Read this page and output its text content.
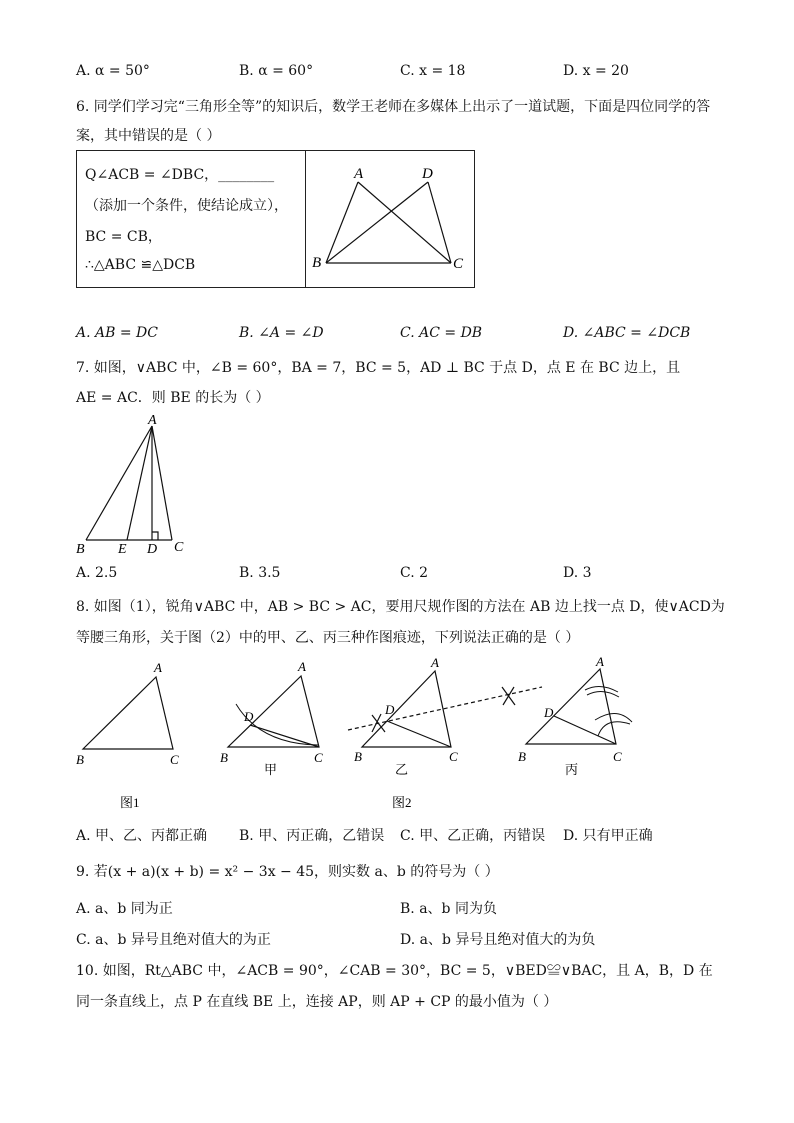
A. α = 50°	B. α = 60°	C. x = 18	D. x = 20
6. 同学们学习完“三角形全等”的知识后，数学王老师在多媒体上出示了一道试题，下面是四位同学的答
案，其中错误的是（ ）
Q∠ACB = ∠DBC，________
（添加一个条件，使结论成立），
BC = CB，
∴△ABC ≌△DCB
A	D
B	C
A. AB = DC	B. ∠A = ∠D	C. AC = DB	D. ∠ABC = ∠DCB
7. 如图，∨ABC 中，∠B = 60°，BA = 7，BC = 5，AD ⊥ BC 于点 D，点 E 在 BC 边上，且
AE = AC．则 BE 的长为（ ）
A
B E D C
A. 2.5	B. 3.5	C. 2	D. 3
8. 如图（1），锐角∨ABC 中，AB > BC > AC，要用尺规作图的方法在 AB 边上找一点 D，使∨ACD为
等腰三角形，关于图（2）中的甲、乙、丙三种作图痕迹，下列说法正确的是（ ）
A
B	C
A
D
B	C
甲
A
D
B	C
乙
A
D
B	C
丙
图1	图2
A. 甲、乙、丙都正确 B. 甲、丙正确，乙错误 C. 甲、乙正确，丙错误 D. 只有甲正确
9. 若(x + a)(x + b) = x² − 3x − 45，则实数 a、b 的符号为（ ）
A. a、b 同为正	B. a、b 同为负
C. a、b 异号且绝对值大的为正	D. a、b 异号且绝对值大的为负
10. 如图，Rt△ABC 中，∠ACB = 90°，∠CAB = 30°，BC = 5，∨BED≌∨BAC，且 A，B，D 在
同一条直线上，点 P 在直线 BE 上，连接 AP，则 AP + CP 的最小值为（ ）
